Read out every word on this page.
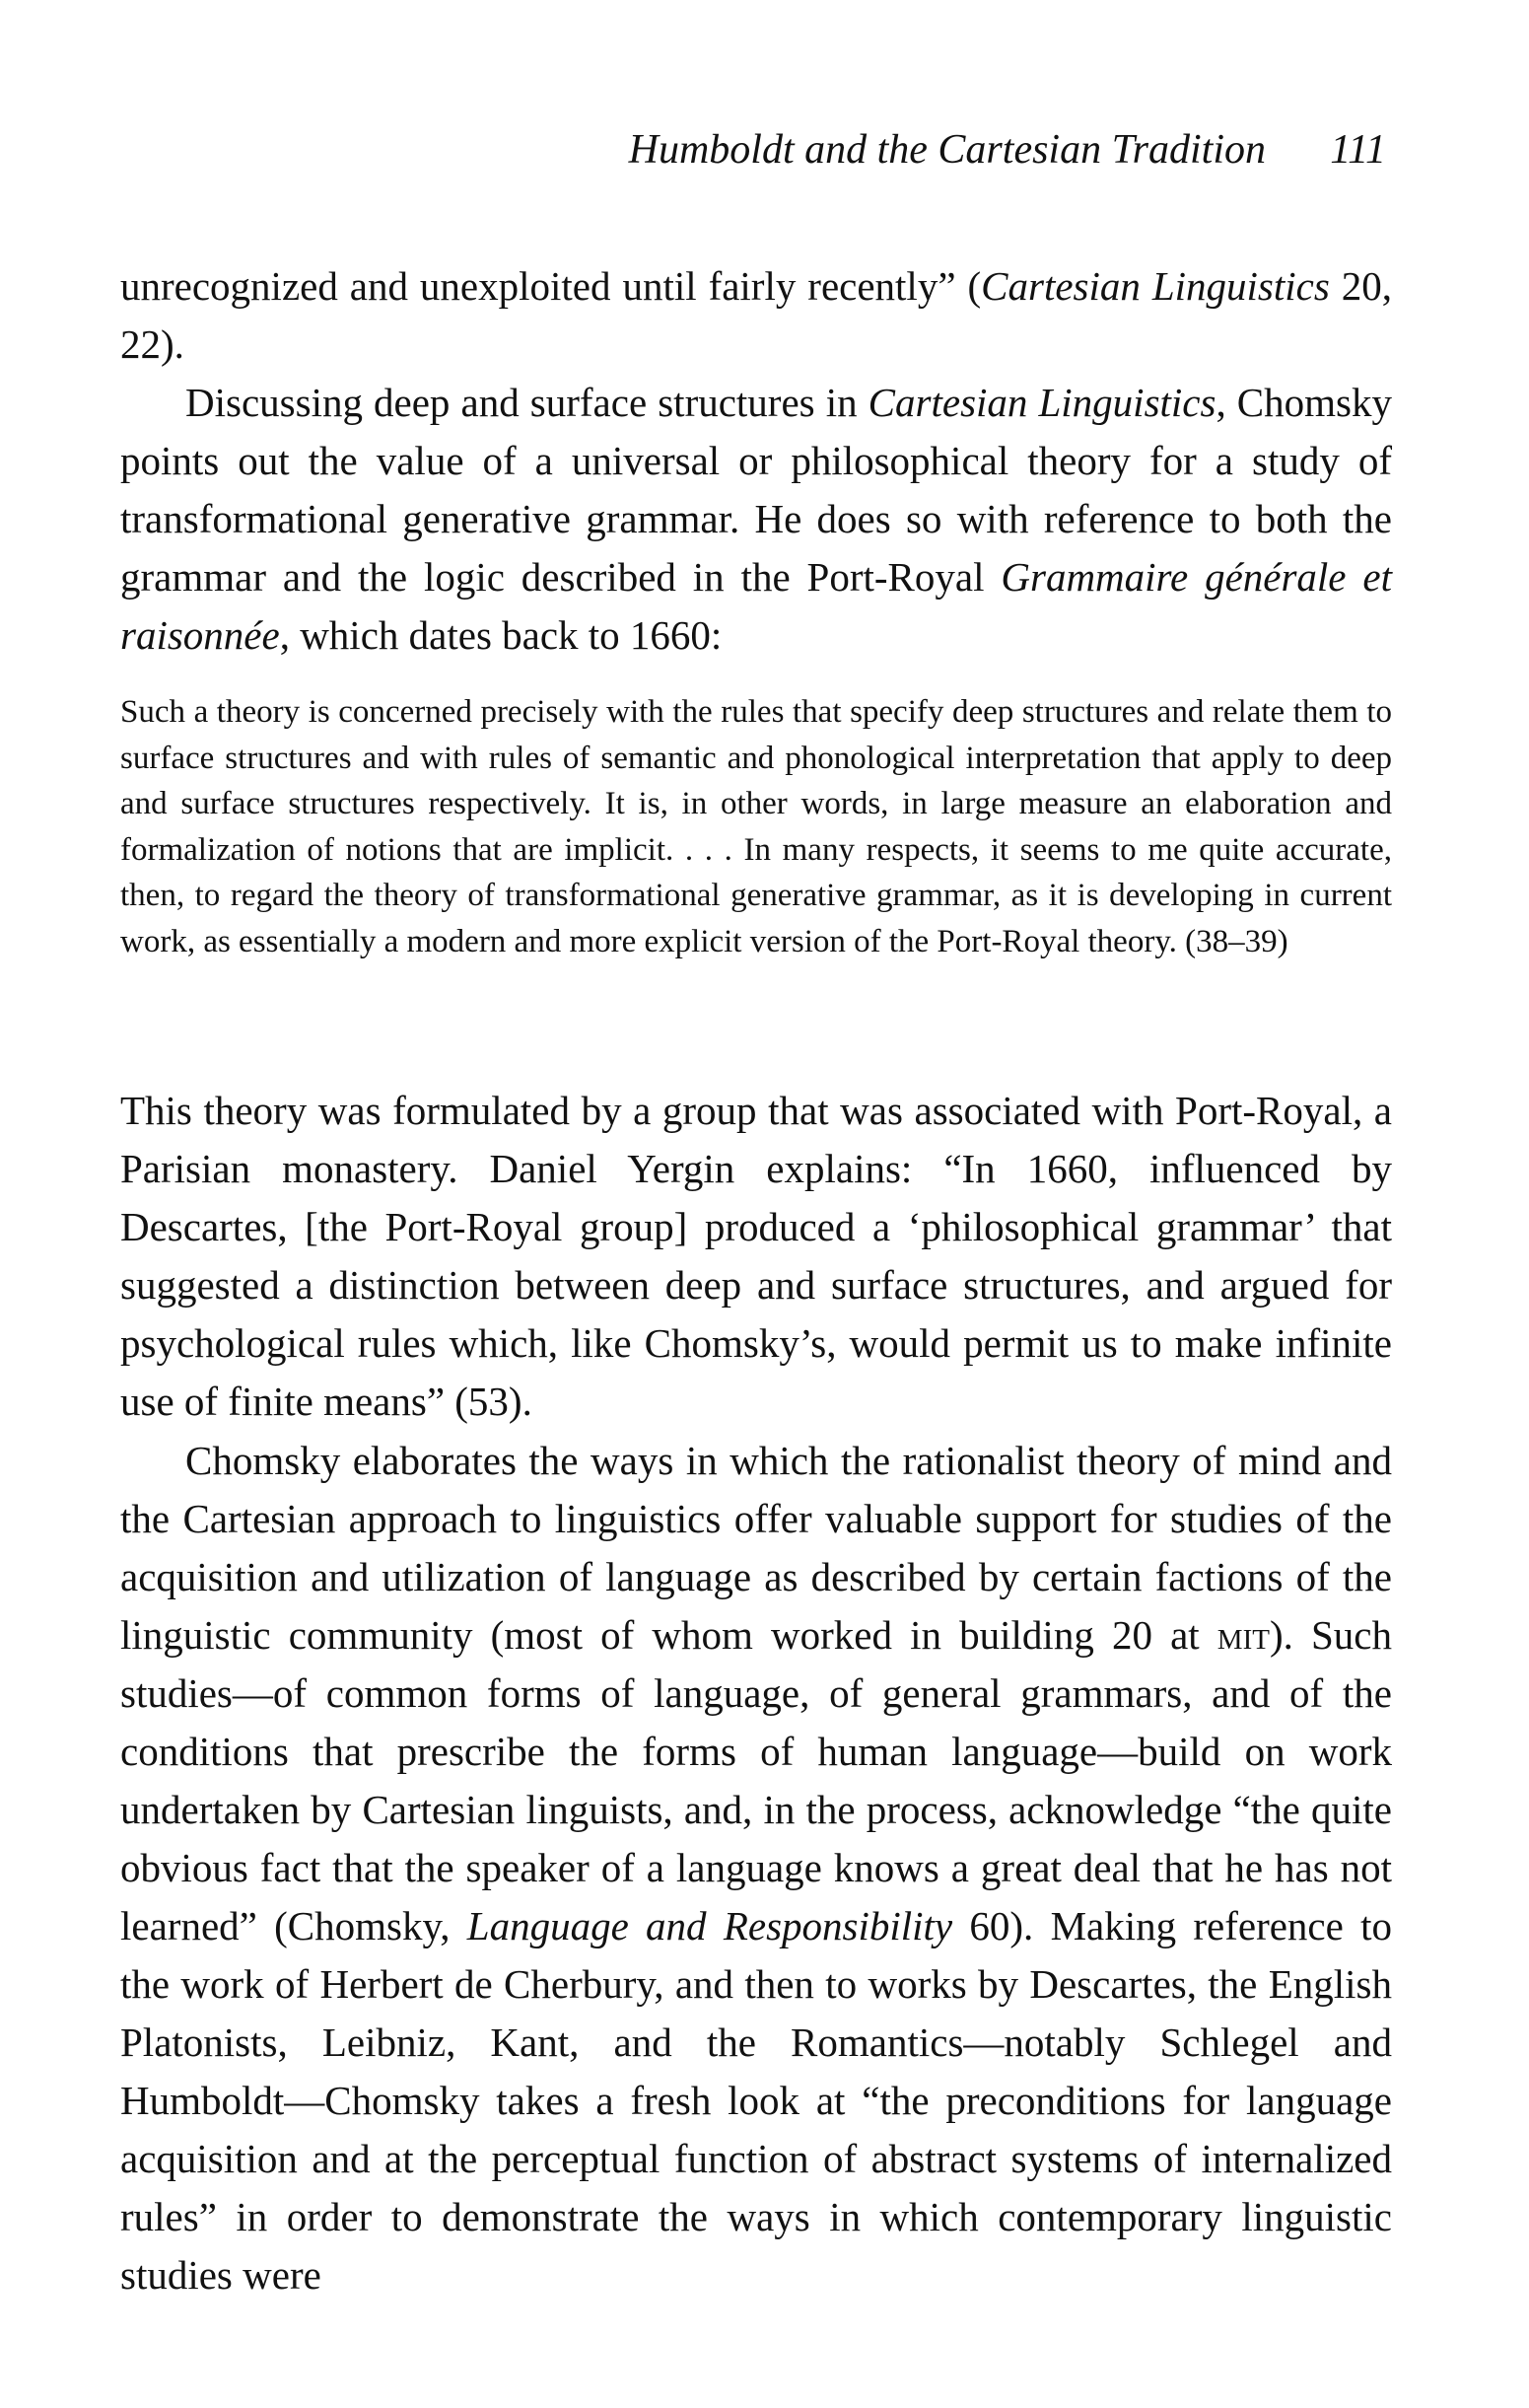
Humboldt and the Cartesian Tradition 111

unrecognized and unexploited until fairly recently” (Cartesian Linguistics 20, 22).

Discussing deep and surface structures in Cartesian Linguistics, Chomsky points out the value of a universal or philosophical theory for a study of transformational generative grammar. He does so with reference to both the grammar and the logic described in the Port-Royal Grammaire générale et raisonnée, which dates back to 1660:

Such a theory is concerned precisely with the rules that specify deep structures and relate them to surface structures and with rules of semantic and phonological interpretation that apply to deep and surface structures respectively. It is, in other words, in large measure an elaboration and formalization of notions that are implicit. . . . In many respects, it seems to me quite accurate, then, to regard the theory of transformational generative grammar, as it is developing in current work, as essentially a modern and more explicit version of the Port-Royal theory. (38–39)

This theory was formulated by a group that was associated with Port-Royal, a Parisian monastery. Daniel Yergin explains: “In 1660, influenced by Descartes, [the Port-Royal group] produced a ‘philosophical grammar’ that suggested a distinction between deep and surface structures, and argued for psychological rules which, like Chomsky’s, would permit us to make infinite use of finite means” (53).

Chomsky elaborates the ways in which the rationalist theory of mind and the Cartesian approach to linguistics offer valuable support for studies of the acquisition and utilization of language as described by certain factions of the linguistic community (most of whom worked in building 20 at mit). Such studies—of common forms of language, of general grammars, and of the conditions that prescribe the forms of human language—build on work undertaken by Cartesian linguists, and, in the process, acknowledge “the quite obvious fact that the speaker of a language knows a great deal that he has not learned” (Chomsky, Language and Responsibility 60). Making reference to the work of Herbert de Cherbury, and then to works by Descartes, the English Platonists, Leibniz, Kant, and the Romantics—notably Schlegel and Humboldt—Chomsky takes a fresh look at “the preconditions for language acquisition and at the perceptual function of abstract systems of internalized rules” in order to demonstrate the ways in which contemporary linguistic studies were
